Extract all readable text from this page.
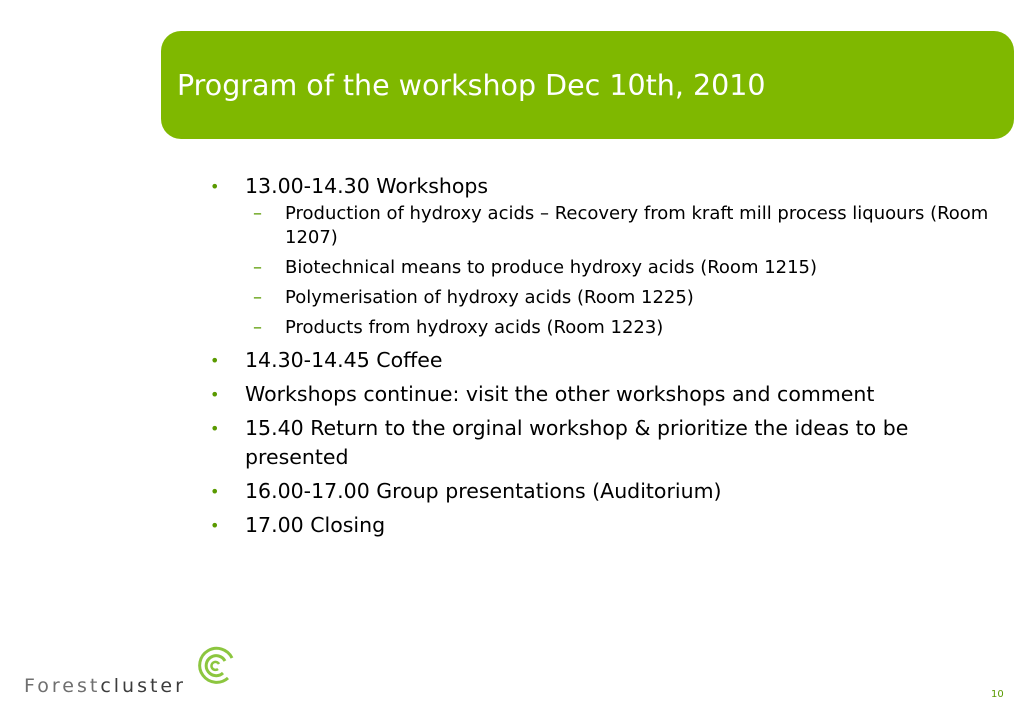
Program of the workshop Dec 10th, 2010
• 13.00-14.30 Workshops
– Production of hydroxy acids – Recovery from kraft mill process liquours (Room 1207)
– Biotechnical means to produce hydroxy acids (Room 1215)
– Polymerisation of hydroxy acids (Room 1225)
– Products from hydroxy acids (Room 1223)
• 14.30-14.45 Coffee
• Workshops continue: visit the other workshops and comment
• 15.40 Return to the orginal workshop & prioritize the ideas to be presented
• 16.00-17.00 Group presentations (Auditorium)
• 17.00 Closing
Forestcluster	10
